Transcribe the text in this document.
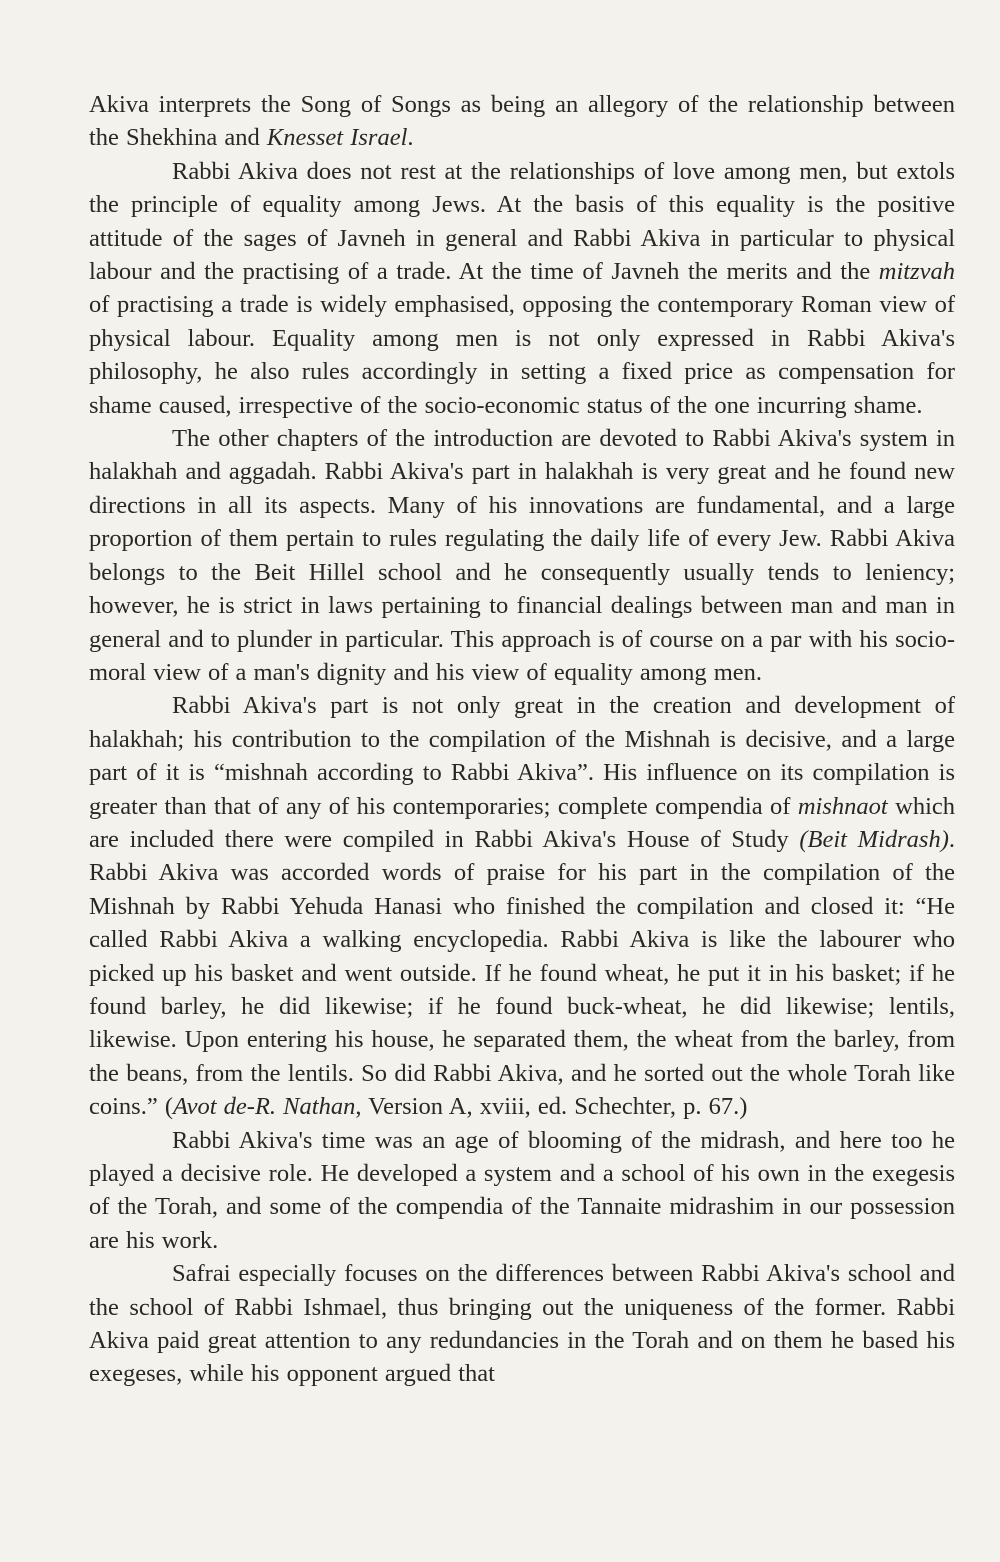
Akiva interprets the Song of Songs as being an allegory of the relationship between the Shekhina and Knesset Israel.

Rabbi Akiva does not rest at the relationships of love among men, but extols the principle of equality among Jews. At the basis of this equality is the positive attitude of the sages of Javneh in general and Rabbi Akiva in particular to physical labour and the practising of a trade. At the time of Javneh the merits and the mitzvah of practising a trade is widely emphasised, opposing the contemporary Roman view of physical labour. Equality among men is not only expressed in Rabbi Akiva's philosophy, he also rules accordingly in setting a fixed price as compensation for shame caused, irrespective of the socio-economic status of the one incurring shame.

The other chapters of the introduction are devoted to Rabbi Akiva's system in halakhah and aggadah. Rabbi Akiva's part in halakhah is very great and he found new directions in all its aspects. Many of his innovations are fundamental, and a large proportion of them pertain to rules regulating the daily life of every Jew. Rabbi Akiva belongs to the Beit Hillel school and he consequently usually tends to leniency; however, he is strict in laws pertaining to financial dealings between man and man in general and to plunder in particular. This approach is of course on a par with his socio-moral view of a man's dignity and his view of equality among men.

Rabbi Akiva's part is not only great in the creation and development of halakhah; his contribution to the compilation of the Mishnah is decisive, and a large part of it is “mishnah according to Rabbi Akiva”. His influence on its compilation is greater than that of any of his contemporaries; complete compendia of mishnaot which are included there were compiled in Rabbi Akiva's House of Study (Beit Midrash). Rabbi Akiva was accorded words of praise for his part in the compilation of the Mishnah by Rabbi Yehuda Hanasi who finished the compilation and closed it: “He called Rabbi Akiva a walking encyclopedia. Rabbi Akiva is like the labourer who picked up his basket and went outside. If he found wheat, he put it in his basket; if he found barley, he did likewise; if he found buck-wheat, he did likewise; lentils, likewise. Upon entering his house, he separated them, the wheat from the barley, from the beans, from the lentils. So did Rabbi Akiva, and he sorted out the whole Torah like coins.” (Avot de-R. Nathan, Version A, xviii, ed. Schechter, p. 67.)

Rabbi Akiva's time was an age of blooming of the midrash, and here too he played a decisive role. He developed a system and a school of his own in the exegesis of the Torah, and some of the compendia of the Tannaite midrashim in our possession are his work.

Safrai especially focuses on the differences between Rabbi Akiva's school and the school of Rabbi Ishmael, thus bringing out the uniqueness of the former. Rabbi Akiva paid great attention to any redundancies in the Torah and on them he based his exegeses, while his opponent argued that
